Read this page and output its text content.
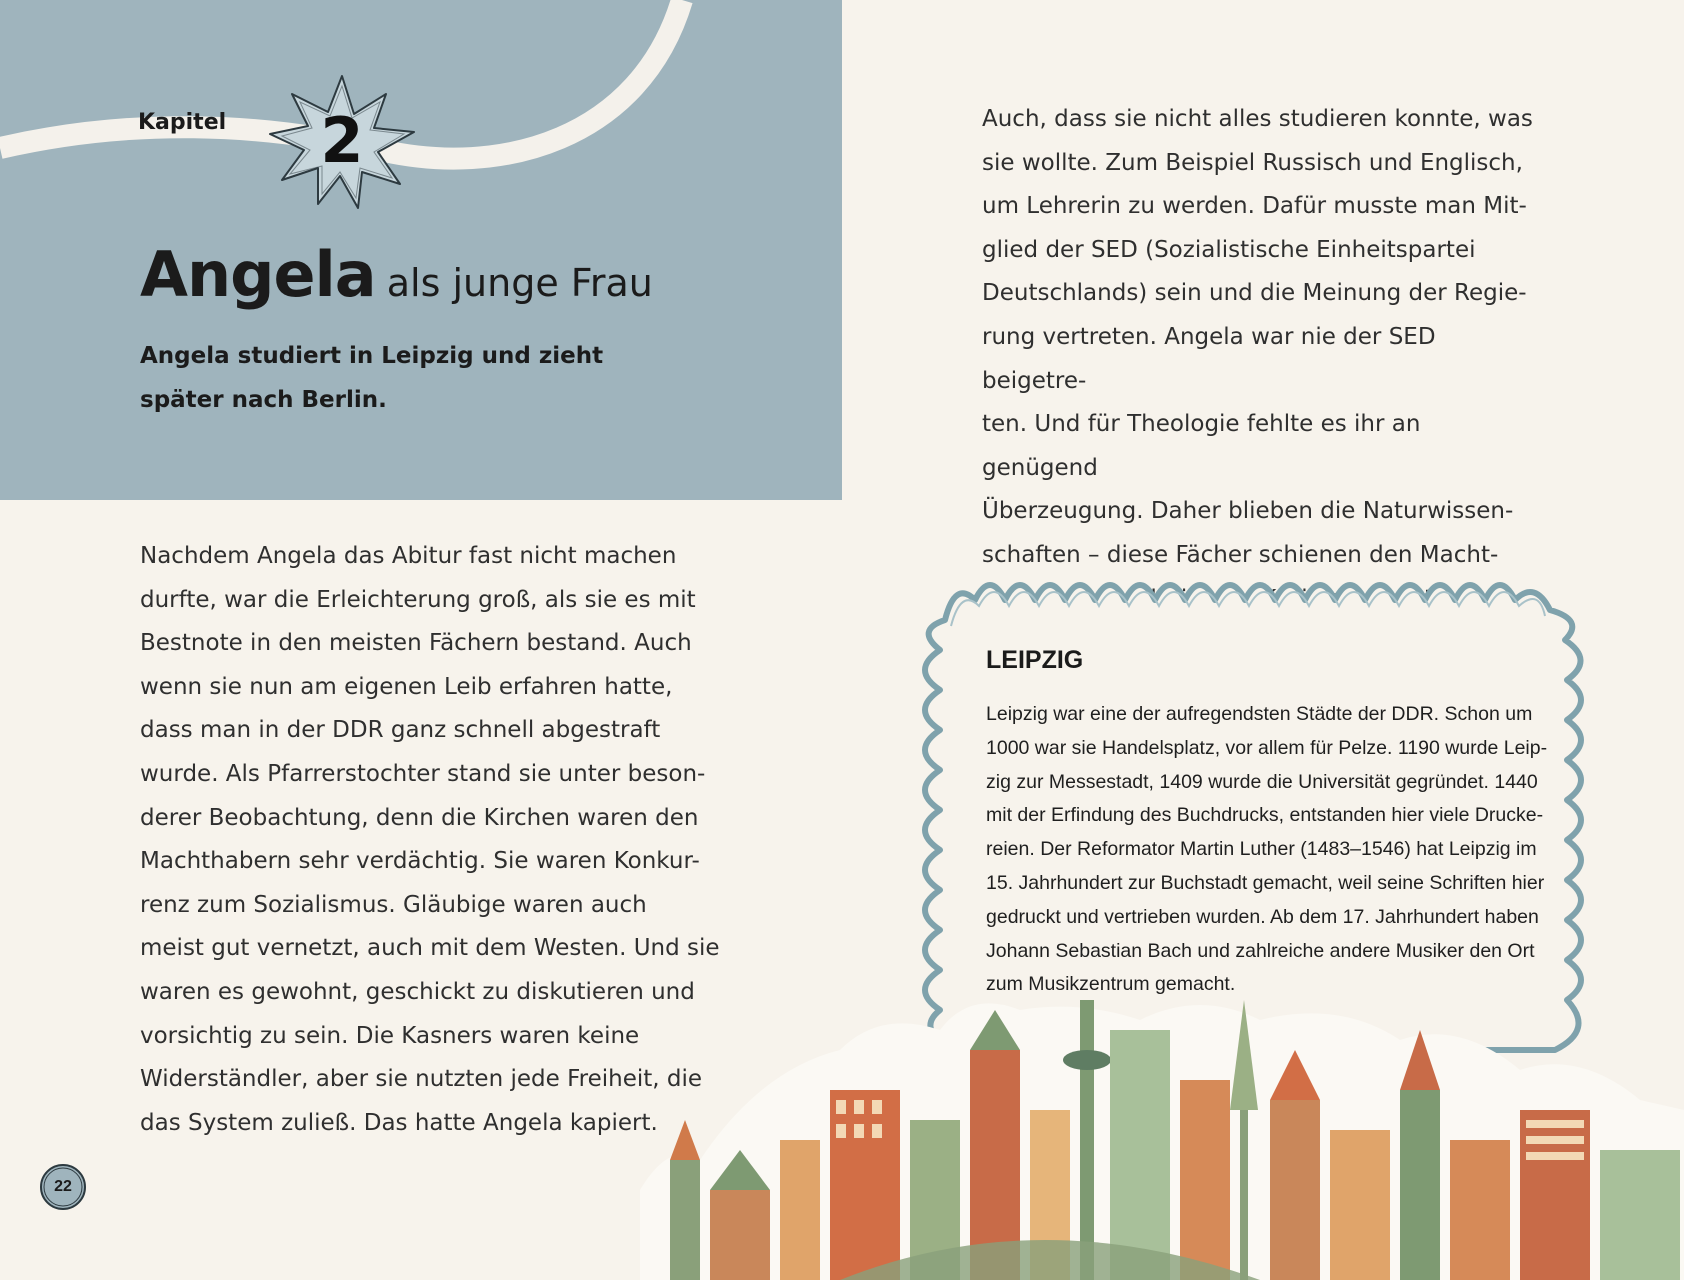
Kapitel 2
Angela als junge Frau

Angela studiert in Leipzig und zieht

später nach Berlin.

Nachdem Angela das Abitur fast nicht machen

durfte, war die Erleichterung groß, als sie es mit

Bestnote in den meisten Fächern bestand. Auch

wenn sie nun am eigenen Leib erfahren hatte,

dass man in der DDR ganz schnell abgestraft

wurde. Als Pfarrerstochter stand sie unter beson-

derer Beobachtung, denn die Kirchen waren den

Machthabern sehr verdächtig. Sie waren Konkur-

renz zum Sozialismus. Gläubige waren auch

meist gut vernetzt, auch mit dem Westen. Und sie

waren es gewohnt, geschickt zu diskutieren und

vorsichtig zu sein. Die Kasners waren keine

Widerständler, aber sie nutzten jede Freiheit, die

das System zuließ. Das hatte Angela kapiert.

Auch, dass sie nicht alles studieren konnte, was

sie wollte. Zum Beispiel Russisch und Englisch,

um Lehrerin zu werden. Dafür musste man Mit-

glied der SED (Sozialistische Einheitspartei

Deutschlands) sein und die Meinung der Regie-

rung vertreten. Angela war nie der SED beigetre-

ten. Und für Theologie fehlte es ihr an genügend

Überzeugung. Daher blieben die Naturwissen-

schaften – diese Fächer schienen den Macht-

LEIPZIG
Leipzig war eine der aufregendsten Städte der DDR. Schon um
1000 war sie Handelsplatz, vor allem für Pelze. 1190 wurde Leip-
zig zur Messestadt, 1409 wurde die Universität gegründet. 1440
mit der Erfindung des Buchdrucks, entstanden hier viele Drucke-
reien. Der Reformator Martin Luther (1483–1546) hat Leipzig im
15. Jahrhundert zur Buchstadt gemacht, weil seine Schriften hier
gedruckt und vertrieben wurden. Ab dem 17. Jahrhundert haben
Johann Sebastian Bach und zahlreiche andere Musiker den Ort
zum Musikzentrum gemacht.
22
